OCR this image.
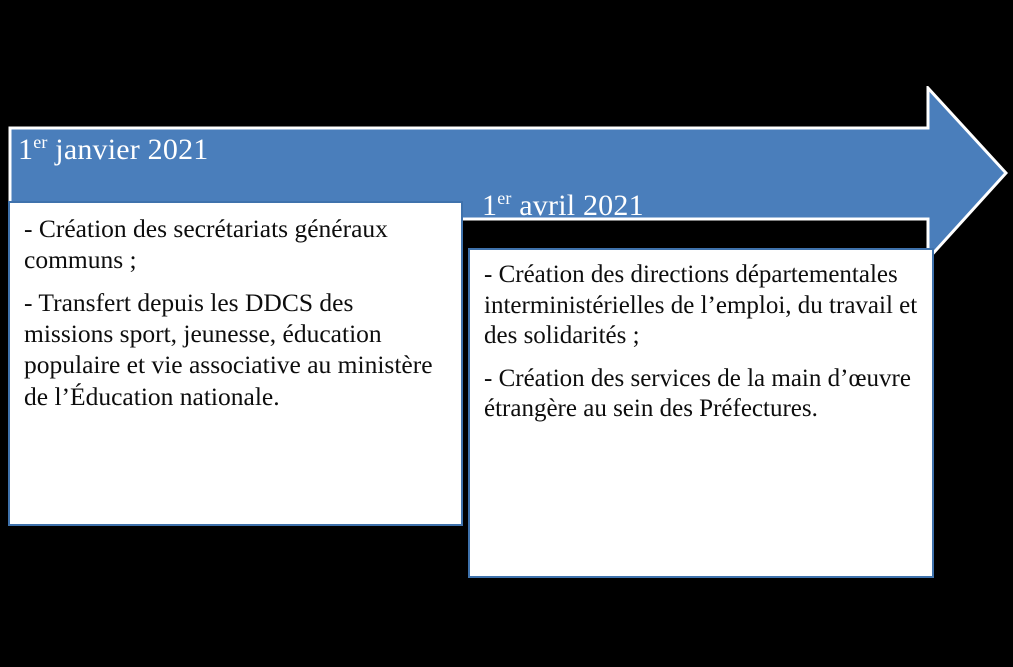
1er janvier 2021

- Création des secrétariats généraux communs ;

- Transfert depuis les DDCS des missions sport, jeunesse, éducation populaire et vie associative au ministère de l’Éducation nationale.

1er avril 2021

- Création des directions départementales interministérielles de l’emploi, du travail et des solidarités ;

- Création des services de la main d’œuvre étrangère au sein des Préfectures.
